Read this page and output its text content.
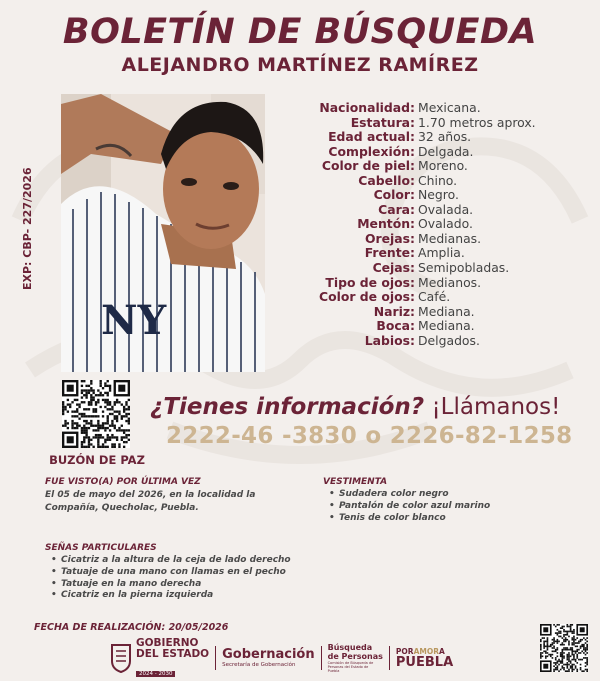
BOLETÍN DE BÚSQUEDA
ALEJANDRO MARTÍNEZ RAMÍREZ
EXP: CBP- 227/2026
NY
Nacionalidad: Mexicana.
Estatura: 1.70 metros aprox.
Edad actual: 32 años.
Complexión: Delgada.
Color de piel: Moreno.
Cabello: Chino.
Color: Negro.
Cara: Ovalada.
Mentón: Ovalado.
Orejas: Medianas.
Frente: Amplia.
Cejas: Semipobladas.
Tipo de ojos: Medianos.
Color de ojos: Café.
Nariz: Mediana.
Boca: Mediana.
Labios: Delgados.
BUZÓN DE PAZ
¿Tienes información? ¡Llámanos!
2222-46 -3830 o 2226-82-1258
FUE VISTO(A) POR ÚLTIMA VEZ
El 05 de mayo del 2026, en la localidad la
Compañía, Quecholac, Puebla.
VESTIMENTA
• Sudadera color negro
• Pantalón de color azul marino
• Tenis de color blanco
SEÑAS PARTICULARES
• Cicatriz a la altura de la ceja de lado derecho
• Tatuaje de una mano con llamas en el pecho
• Tatuaje en la mano derecha
• Cicatriz en la pierna izquierda
FECHA DE REALIZACIÓN: 20/05/2026
GOBIERNO
DEL ESTADO
2024 - 2030
Gobernación
Secretaría de Gobernación
Búsqueda
de Personas
Comisión de Búsqueda de Personas del Estado de Puebla
PORAMORA
PUEBLA
